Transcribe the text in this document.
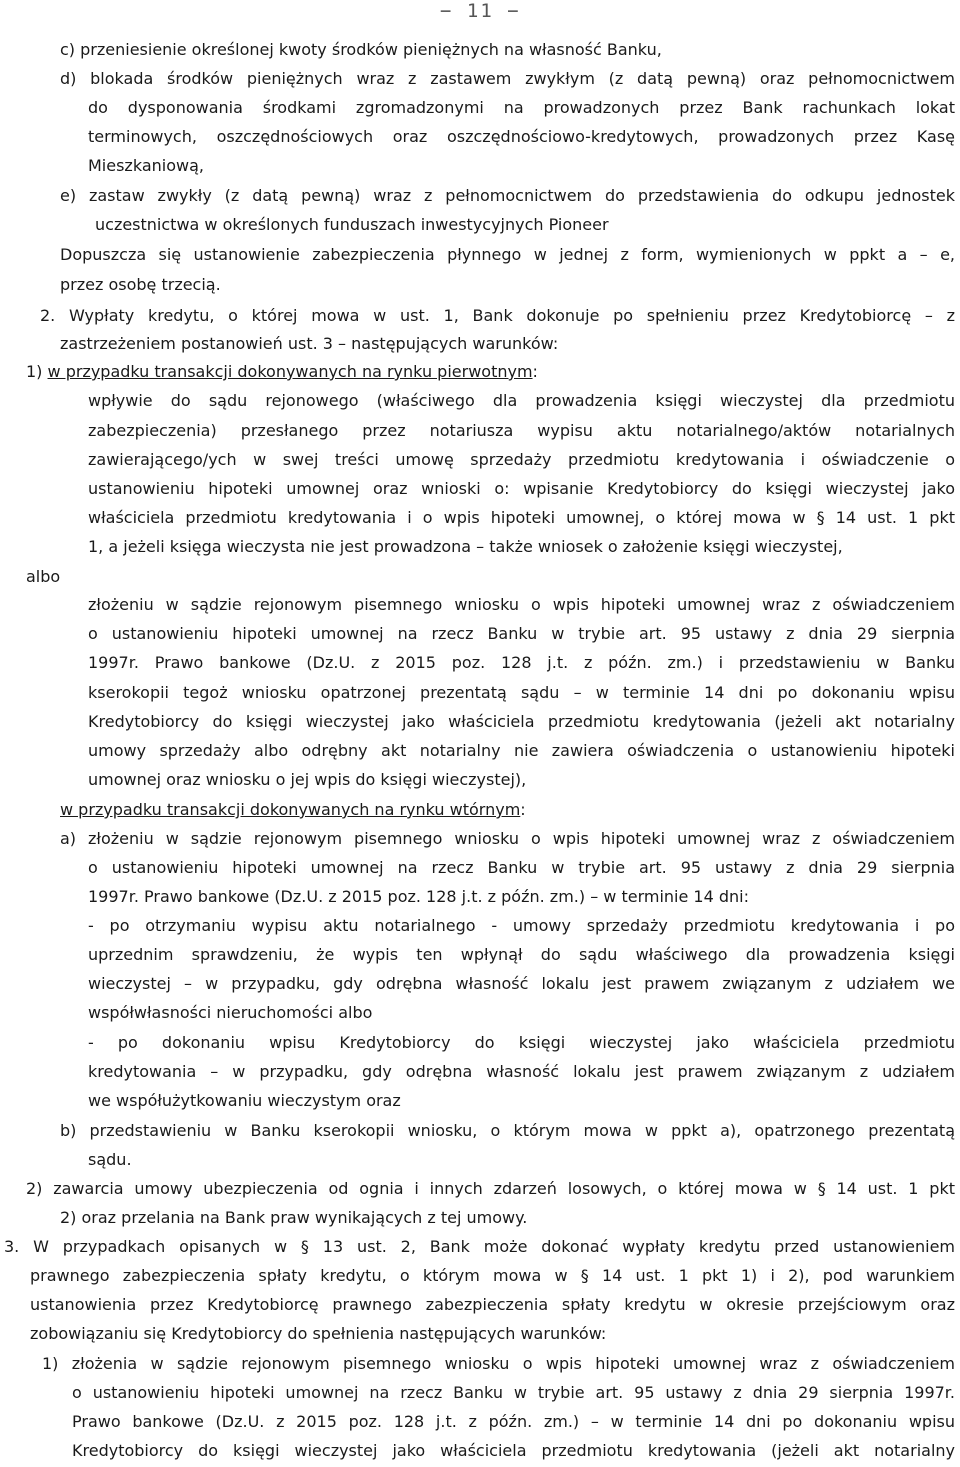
− 11 −
c) przeniesienie określonej kwoty środków pieniężnych na własność Banku,
d) blokada środków pieniężnych wraz z zastawem zwykłym (z datą pewną) oraz pełnomocnictwem
do dysponowania środkami zgromadzonymi na prowadzonych przez Bank rachunkach lokat
terminowych, oszczędnościowych oraz oszczędnościowo-kredytowych, prowadzonych przez Kasę
Mieszkaniową,
e) zastaw zwykły (z datą pewną) wraz z pełnomocnictwem do przedstawienia do odkupu jednostek
uczestnictwa w określonych funduszach inwestycyjnych Pioneer
Dopuszcza się ustanowienie zabezpieczenia płynnego w jednej z form, wymienionych w ppkt a – e,
przez osobę trzecią.
2. Wypłaty kredytu, o której mowa w ust. 1, Bank dokonuje po spełnieniu przez Kredytobiorcę – z
zastrzeżeniem postanowień ust. 3 – następujących warunków:
1) w przypadku transakcji dokonywanych na rynku pierwotnym:
wpływie do sądu rejonowego (właściwego dla prowadzenia księgi wieczystej dla przedmiotu
zabezpieczenia) przesłanego przez notariusza wypisu aktu notarialnego/aktów notarialnych
zawierającego/ych w swej treści umowę sprzedaży przedmiotu kredytowania i oświadczenie o
ustanowieniu hipoteki umownej oraz wnioski o: wpisanie Kredytobiorcy do księgi wieczystej jako
właściciela przedmiotu kredytowania i o wpis hipoteki umownej, o której mowa w § 14 ust. 1 pkt
1, a jeżeli księga wieczysta nie jest prowadzona – także wniosek o założenie księgi wieczystej,
albo
złożeniu w sądzie rejonowym pisemnego wniosku o wpis hipoteki umownej wraz z oświadczeniem
o ustanowieniu hipoteki umownej na rzecz Banku w trybie art. 95 ustawy z dnia 29 sierpnia
1997r. Prawo bankowe (Dz.U. z 2015 poz. 128 j.t. z późn. zm.) i przedstawieniu w Banku
kserokopii tegoż wniosku opatrzonej prezentatą sądu – w terminie 14 dni po dokonaniu wpisu
Kredytobiorcy do księgi wieczystej jako właściciela przedmiotu kredytowania (jeżeli akt notarialny
umowy sprzedaży albo odrębny akt notarialny nie zawiera oświadczenia o ustanowieniu hipoteki
umownej oraz wniosku o jej wpis do księgi wieczystej),
w przypadku transakcji dokonywanych na rynku wtórnym:
a) złożeniu w sądzie rejonowym pisemnego wniosku o wpis hipoteki umownej wraz z oświadczeniem
o ustanowieniu hipoteki umownej na rzecz Banku w trybie art. 95 ustawy z dnia 29 sierpnia
1997r. Prawo bankowe (Dz.U. z 2015 poz. 128 j.t. z późn. zm.) – w terminie 14 dni:
- po otrzymaniu wypisu aktu notarialnego - umowy sprzedaży przedmiotu kredytowania i po
uprzednim sprawdzeniu, że wypis ten wpłynął do sądu właściwego dla prowadzenia księgi
wieczystej – w przypadku, gdy odrębna własność lokalu jest prawem związanym z udziałem we
współwłasności nieruchomości albo
- po dokonaniu wpisu Kredytobiorcy do księgi wieczystej jako właściciela przedmiotu
kredytowania – w przypadku, gdy odrębna własność lokalu jest prawem związanym z udziałem
we współużytkowaniu wieczystym oraz
b) przedstawieniu w Banku kserokopii wniosku, o którym mowa w ppkt a), opatrzonego prezentatą
sądu.
2) zawarcia umowy ubezpieczenia od ognia i innych zdarzeń losowych, o której mowa w § 14 ust. 1 pkt
2) oraz przelania na Bank praw wynikających z tej umowy.
3. W przypadkach opisanych w § 13 ust. 2, Bank może dokonać wypłaty kredytu przed ustanowieniem
prawnego zabezpieczenia spłaty kredytu, o którym mowa w § 14 ust. 1 pkt 1) i 2), pod warunkiem
ustanowienia przez Kredytobiorcę prawnego zabezpieczenia spłaty kredytu w okresie przejściowym oraz
zobowiązaniu się Kredytobiorcy do spełnienia następujących warunków:
1) złożenia w sądzie rejonowym pisemnego wniosku o wpis hipoteki umownej wraz z oświadczeniem
o ustanowieniu hipoteki umownej na rzecz Banku w trybie art. 95 ustawy z dnia 29 sierpnia 1997r.
Prawo bankowe (Dz.U. z 2015 poz. 128 j.t. z późn. zm.) – w terminie 14 dni po dokonaniu wpisu
Kredytobiorcy do księgi wieczystej jako właściciela przedmiotu kredytowania (jeżeli akt notarialny
